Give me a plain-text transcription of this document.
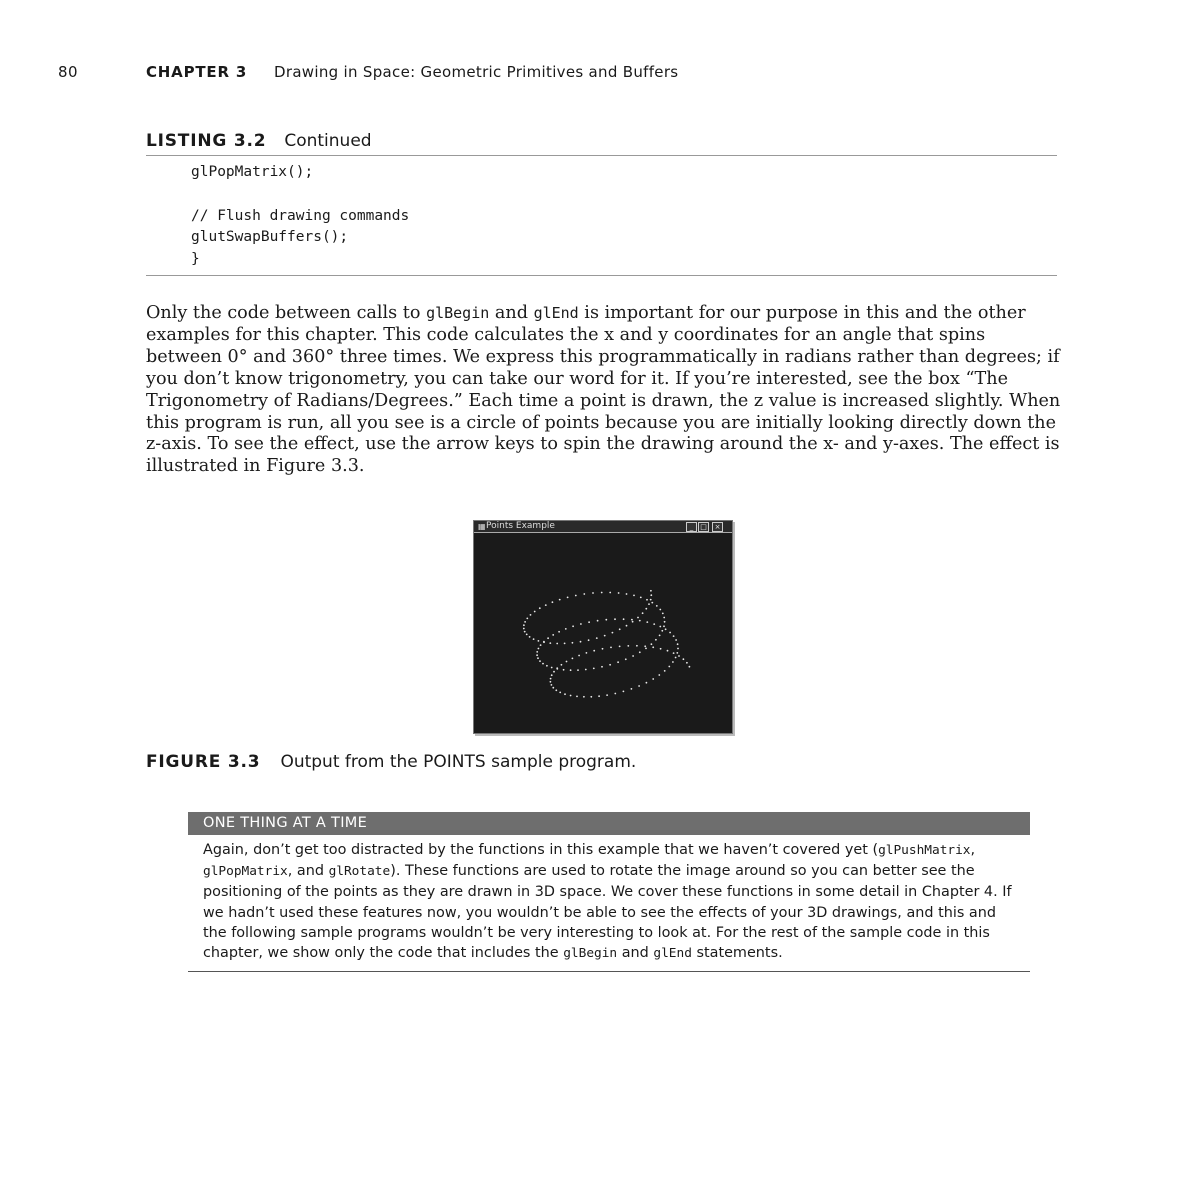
80	CHAPTER 3 Drawing in Space: Geometric Primitives and Buffers
LISTING 3.2 Continued
glPopMatrix();

// Flush drawing commands
glutSwapBuffers();
}

Only the code between calls to glBegin and glEnd is important for our purpose in this and the other examples for this chapter. This code calculates the x and y coordinates for an angle that spins between 0° and 360° three times. We express this programmatically in radians rather than degrees; if you don’t know trigonometry, you can take our word for it. If you’re interested, see the box “The Trigonometry of Radians/Degrees.” Each time a point is drawn, the z value is increased slightly. When this program is run, all you see is a circle of points because you are initially looking directly down the z-axis. To see the effect, use the arrow keys to spin the drawing around the x- and y-axes. The effect is illustrated in Figure 3.3.

▦ Points Example	_ □	×
FIGURE 3.3 Output from the POINTS sample program.
ONE THING AT A TIME

Again, don’t get too distracted by the functions in this example that we haven’t covered yet (glPushMatrix, glPopMatrix, and glRotate). These functions are used to rotate the image around so you can better see the positioning of the points as they are drawn in 3D space. We cover these functions in some detail in Chapter 4. If we hadn’t used these features now, you wouldn’t be able to see the effects of your 3D drawings, and this and the following sample programs wouldn’t be very interesting to look at. For the rest of the sample code in this chapter, we show only the code that includes the glBegin and glEnd statements.
